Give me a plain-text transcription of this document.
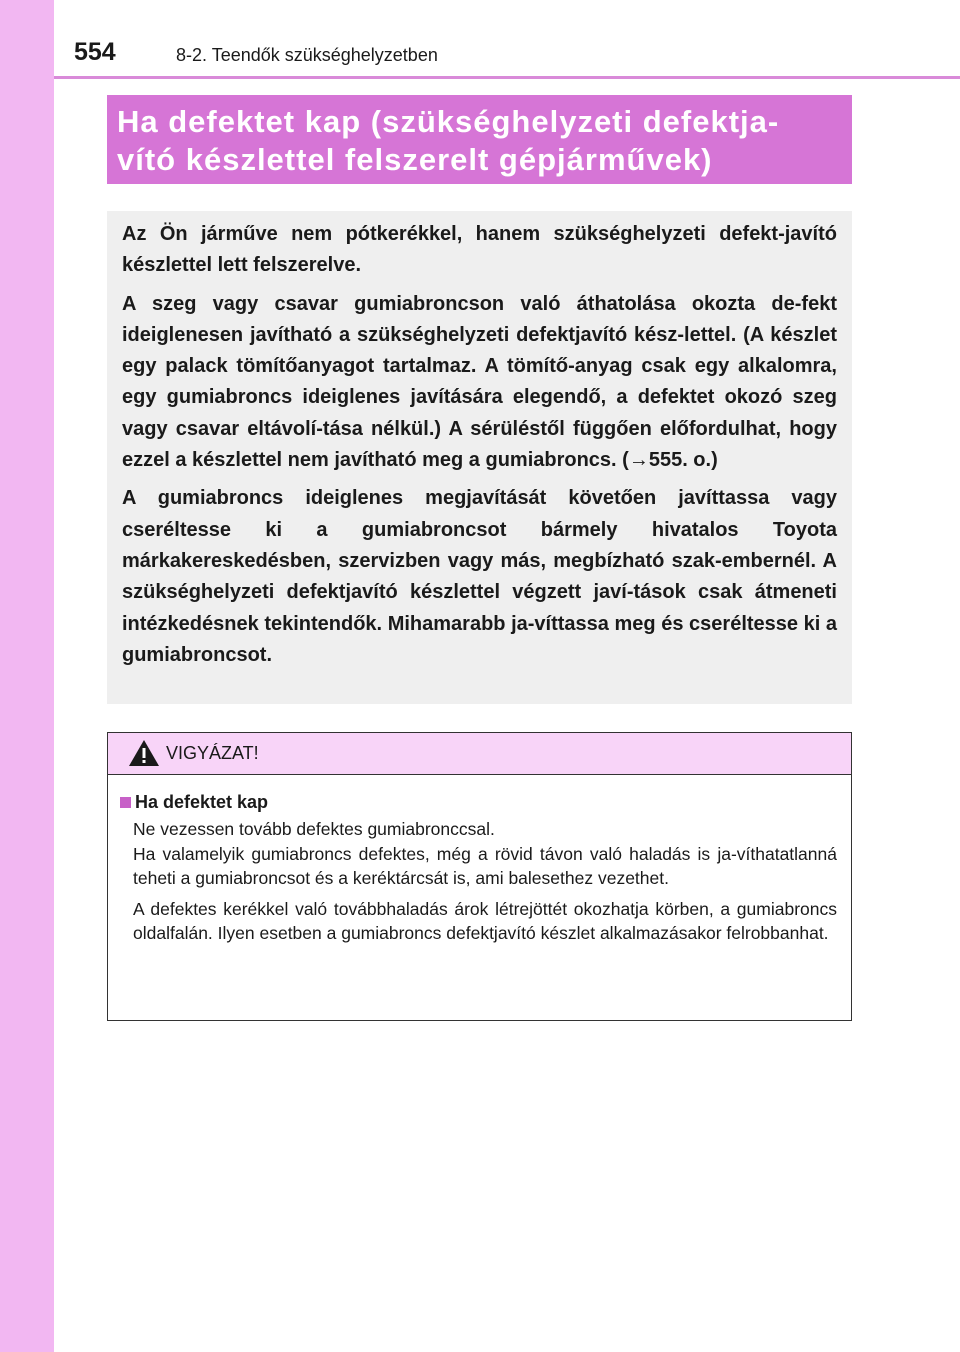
554	8-2. Teendők szükséghelyzetben
Ha defektet kap (szükséghelyzeti defektja-
vító készlettel felszerelt gépjárművek)

Az Ön járműve nem pótkerékkel, hanem szükséghelyzeti defekt-javító készlettel lett felszerelve.

A szeg vagy csavar gumiabroncson való áthatolása okozta de-fekt ideiglenesen javítható a szükséghelyzeti defektjavító kész-lettel. (A készlet egy palack tömítőanyagot tartalmaz. A tömítő-anyag csak egy alkalomra, egy gumiabroncs ideiglenes javítására elegendő, a defektet okozó szeg vagy csavar eltávolí-tása nélkül.) A sérüléstől függően előfordulhat, hogy ezzel a készlettel nem javítható meg a gumiabroncs. (→555. o.)

A gumiabroncs ideiglenes megjavítását követően javíttassa vagy cseréltesse ki a gumiabroncsot bármely hivatalos Toyota márkakereskedésben, szervizben vagy más, megbízható szak-embernél. A szükséghelyzeti defektjavító készlettel végzett javí-tások csak átmeneti intézkedésnek tekintendők. Mihamarabb ja-víttassa meg és cseréltesse ki a gumiabroncsot.

VIGYÁZAT!
Ha defektet kap

Ne vezessen tovább defektes gumiabronccsal.

Ha valamelyik gumiabroncs defektes, még a rövid távon való haladás is ja-víthatatlanná teheti a gumiabroncsot és a keréktárcsát is, ami balesethez vezethet.

A defektes kerékkel való továbbhaladás árok létrejöttét okozhatja körben, a gumiabroncs oldalfalán. Ilyen esetben a gumiabroncs defektjavító készlet alkalmazásakor felrobbanhat.
